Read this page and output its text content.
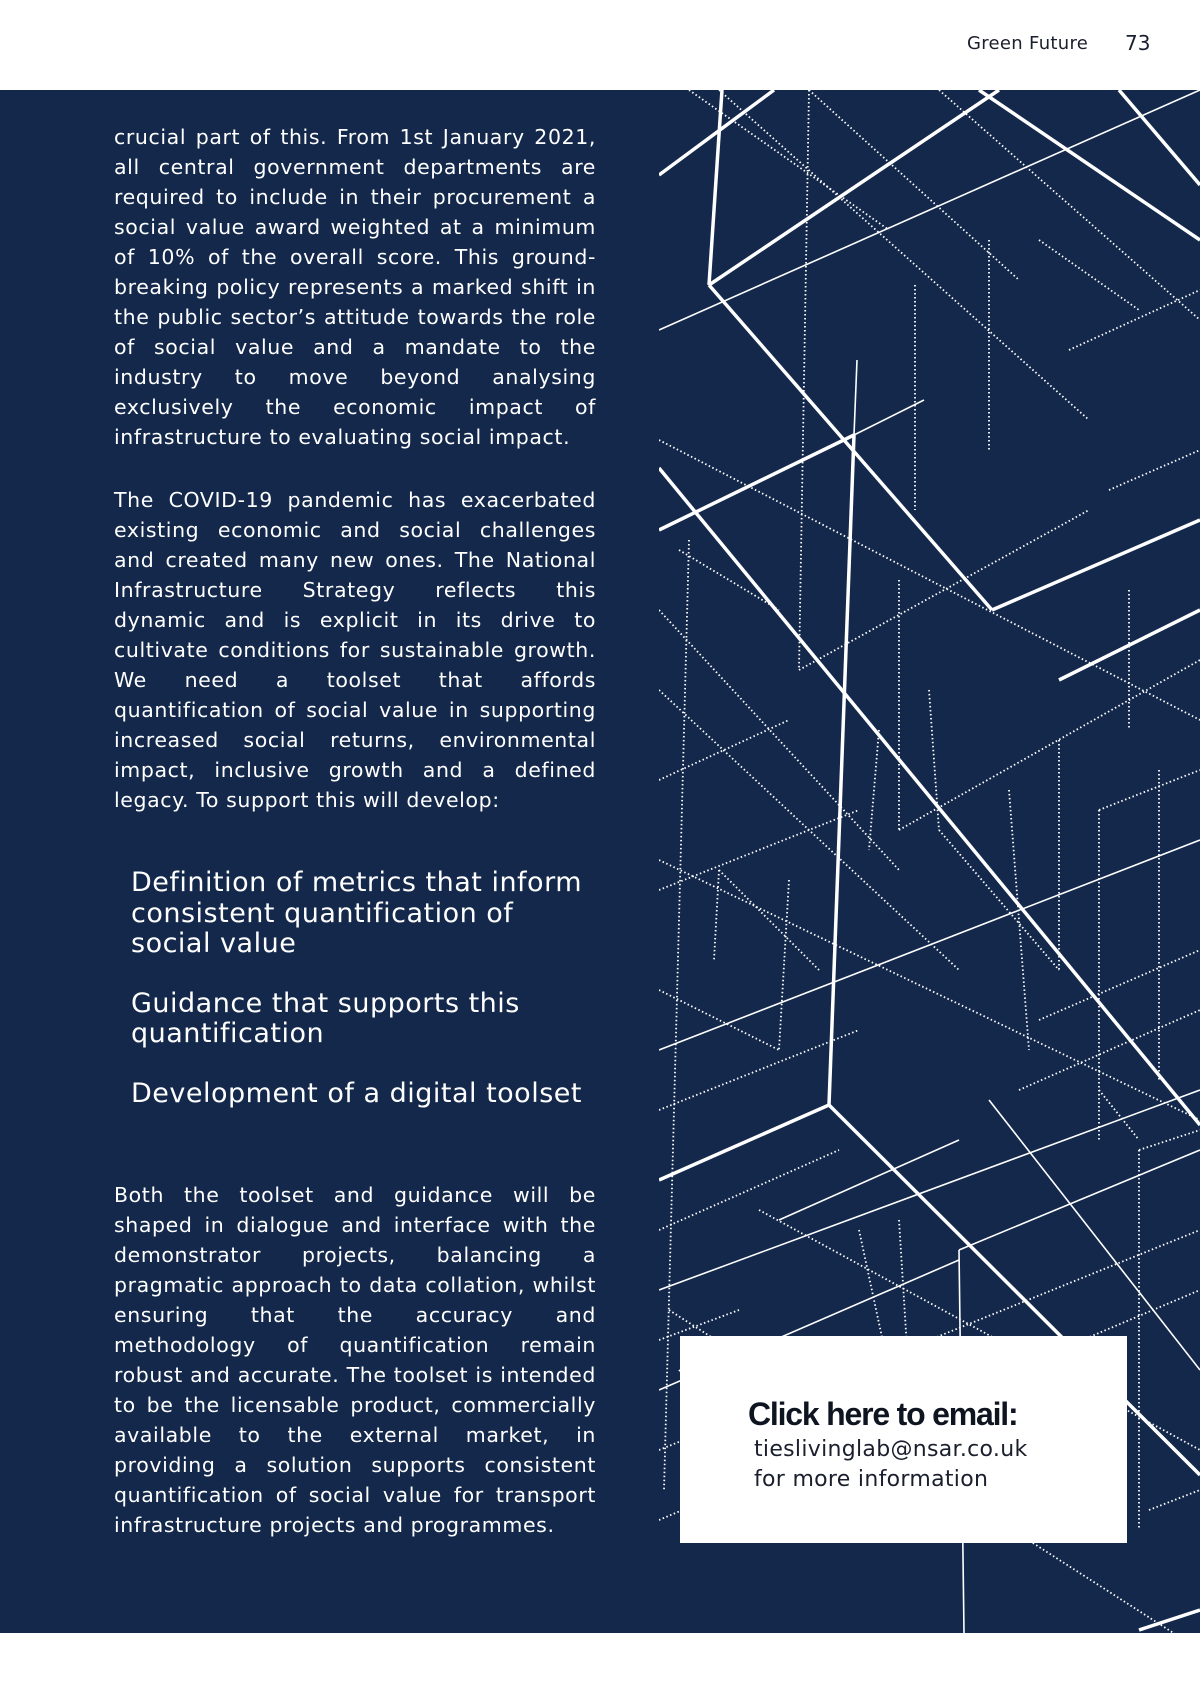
Green Future 73

crucial part of this. From 1st January 2021, all central government departments are required to include in their procurement a social value award weighted at a minimum of 10% of the overall score. This ground-breaking policy represents a marked shift in the public sector’s attitude towards the role of social value and a mandate to the industry to move beyond analysing exclusively the economic impact of infrastructure to evaluating social impact.

The COVID-19 pandemic has exacerbated existing economic and social challenges and created many new ones. The National Infrastructure Strategy reflects this dynamic and is explicit in its drive to cultivate conditions for sustainable growth. We need a toolset that affords quantification of social value in supporting increased social returns, environmental impact, inclusive growth and a defined legacy. To support this will develop:

Definition of metrics that inform consistent quantification of social value
Guidance that supports this quantification
Development of a digital toolset

Both the toolset and guidance will be shaped in dialogue and interface with the demonstrator projects, balancing a pragmatic approach to data collation, whilst ensuring that the accuracy and methodology of quantification remain robust and accurate. The toolset is intended to be the licensable product, commercially available to the external market, in providing a solution supports consistent quantification of social value for transport infrastructure projects and programmes.

Click here to email:
tieslivinglab@nsar.co.uk
for more information
